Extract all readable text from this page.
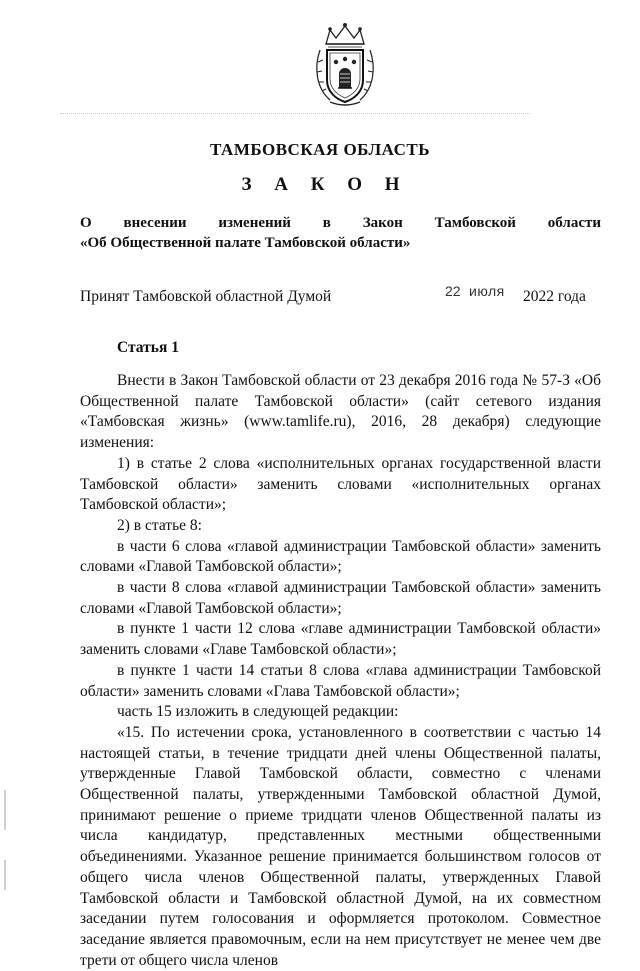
ТАМБОВСКАЯ ОБЛАСТЬ
З А К О Н
О внесении изменений в Закон Тамбовской области
«Об Общественной палате Тамбовской области»
Принят Тамбовской областной Думой	22 июля 2022 года
Статья 1

Внести в Закон Тамбовской области от 23 декабря 2016 года № 57-З «Об Общественной палате Тамбовской области» (сайт сетевого издания «Тамбовская жизнь» (www.tamlife.ru), 2016, 28 декабря) следующие изменения:

1) в статье 2 слова «исполнительных органах государственной власти Тамбовской области» заменить словами «исполнительных органах Тамбовской области»;

2) в статье 8:

в части 6 слова «главой администрации Тамбовской области» заменить словами «Главой Тамбовской области»;

в части 8 слова «главой администрации Тамбовской области» заменить словами «Главой Тамбовской области»;

в пункте 1 части 12 слова «главе администрации Тамбовской области» заменить словами «Главе Тамбовской области»;

в пункте 1 части 14 статьи 8 слова «глава администрации Тамбовской области» заменить словами «Глава Тамбовской области»;

часть 15 изложить в следующей редакции:

«15. По истечении срока, установленного в соответствии с частью 14 настоящей статьи, в течение тридцати дней члены Общественной палаты, утвержденные Главой Тамбовской области, совместно с членами Общественной палаты, утвержденными Тамбовской областной Думой, принимают решение о приеме тридцати членов Общественной палаты из числа кандидатур, представленных местными общественными объединениями. Указанное решение принимается большинством голосов от общего числа членов Общественной палаты, утвержденных Главой Тамбовской области и Тамбовской областной Думой, на их совместном заседании путем голосования и оформляется протоколом. Совместное заседание является правомочным, если на нем присутствует не менее чем две трети от общего числа членов
